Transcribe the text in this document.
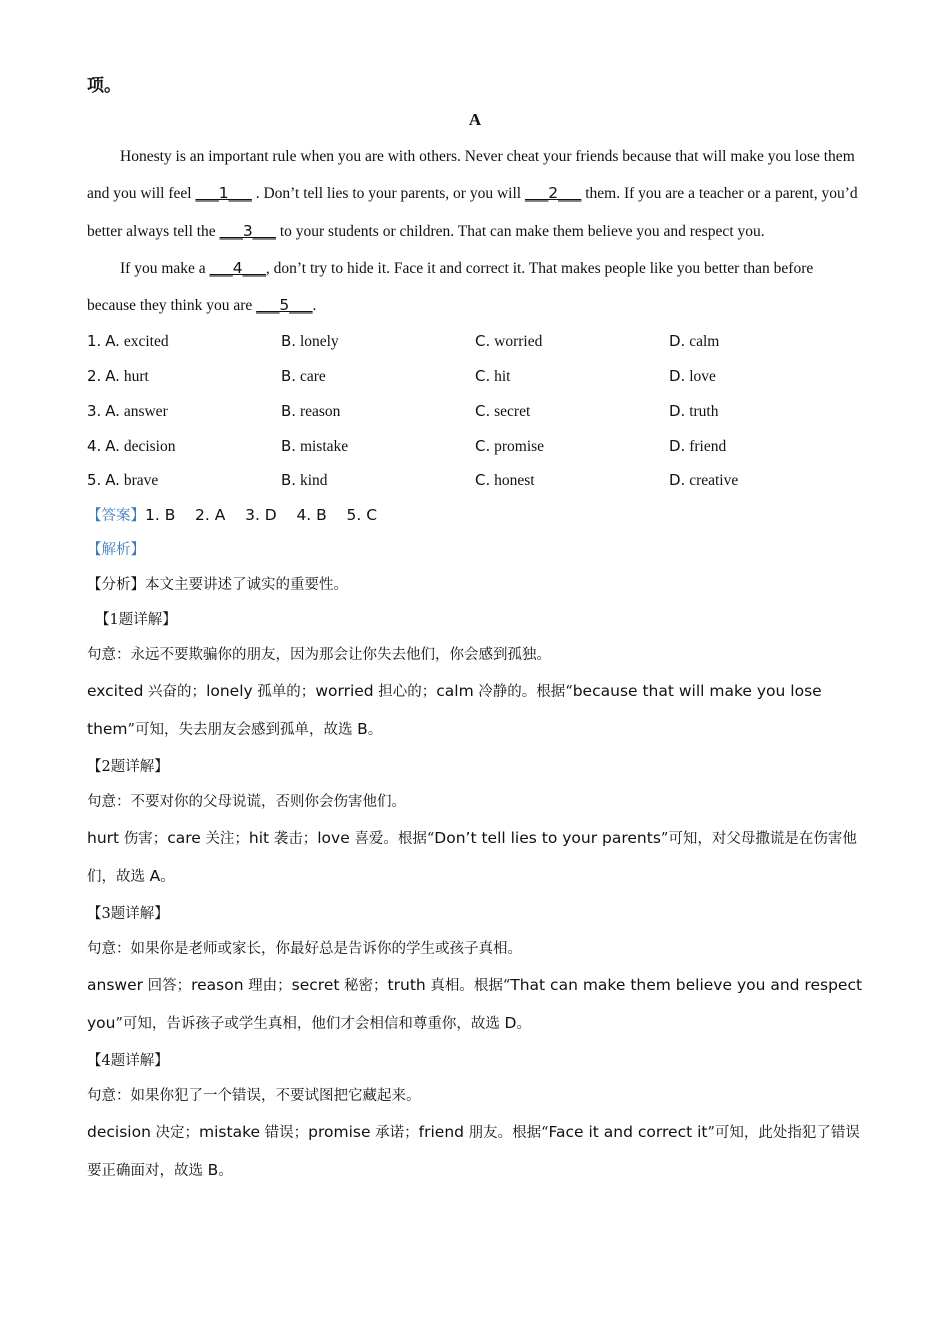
项。
A

Honesty is an important rule when you are with others. Never cheat your friends because that will make you lose them and you will feel ___1___ . Don’t tell lies to your parents, or you will ___2___ them. If you are a teacher or a parent, you’d better always tell the ___3___ to your students or children. That can make them believe you and respect you.

If you make a ___4___, don’t try to hide it. Face it and correct it. That makes people like you better than before because they think you are ___5___.

1. A. excited	B. lonely	C. worried	D. calm
2. A. hurt	B. care	C. hit	D. love
3. A. answer	B. reason	C. secret	D. truth
4. A. decision	B. mistake	C. promise	D. friend
5. A. brave	B. kind	C. honest	D. creative
【答案】1. B    2. A    3. D    4. B    5. C
【解析】
【分析】本文主要讲述了诚实的重要性。
【1题详解】
句意：永远不要欺骗你的朋友，因为那会让你失去他们，你会感到孤独。

excited 兴奋的；lonely 孤单的；worried 担心的；calm 冷静的。根据“because that will make you lose them”可知，失去朋友会感到孤单，故选 B。

【2题详解】
句意：不要对你的父母说谎，否则你会伤害他们。

hurt 伤害；care 关注；hit 袭击；love 喜爱。根据“Don’t tell lies to your parents”可知，对父母撒谎是在伤害他们，故选 A。

【3题详解】
句意：如果你是老师或家长，你最好总是告诉你的学生或孩子真相。

answer 回答；reason 理由；secret 秘密；truth 真相。根据“That can make them believe you and respect you”可知，告诉孩子或学生真相，他们才会相信和尊重你，故选 D。

【4题详解】
句意：如果你犯了一个错误，不要试图把它藏起来。

decision 决定；mistake 错误；promise 承诺；friend 朋友。根据“Face it and correct it”可知，此处指犯了错误要正确面对，故选 B。
